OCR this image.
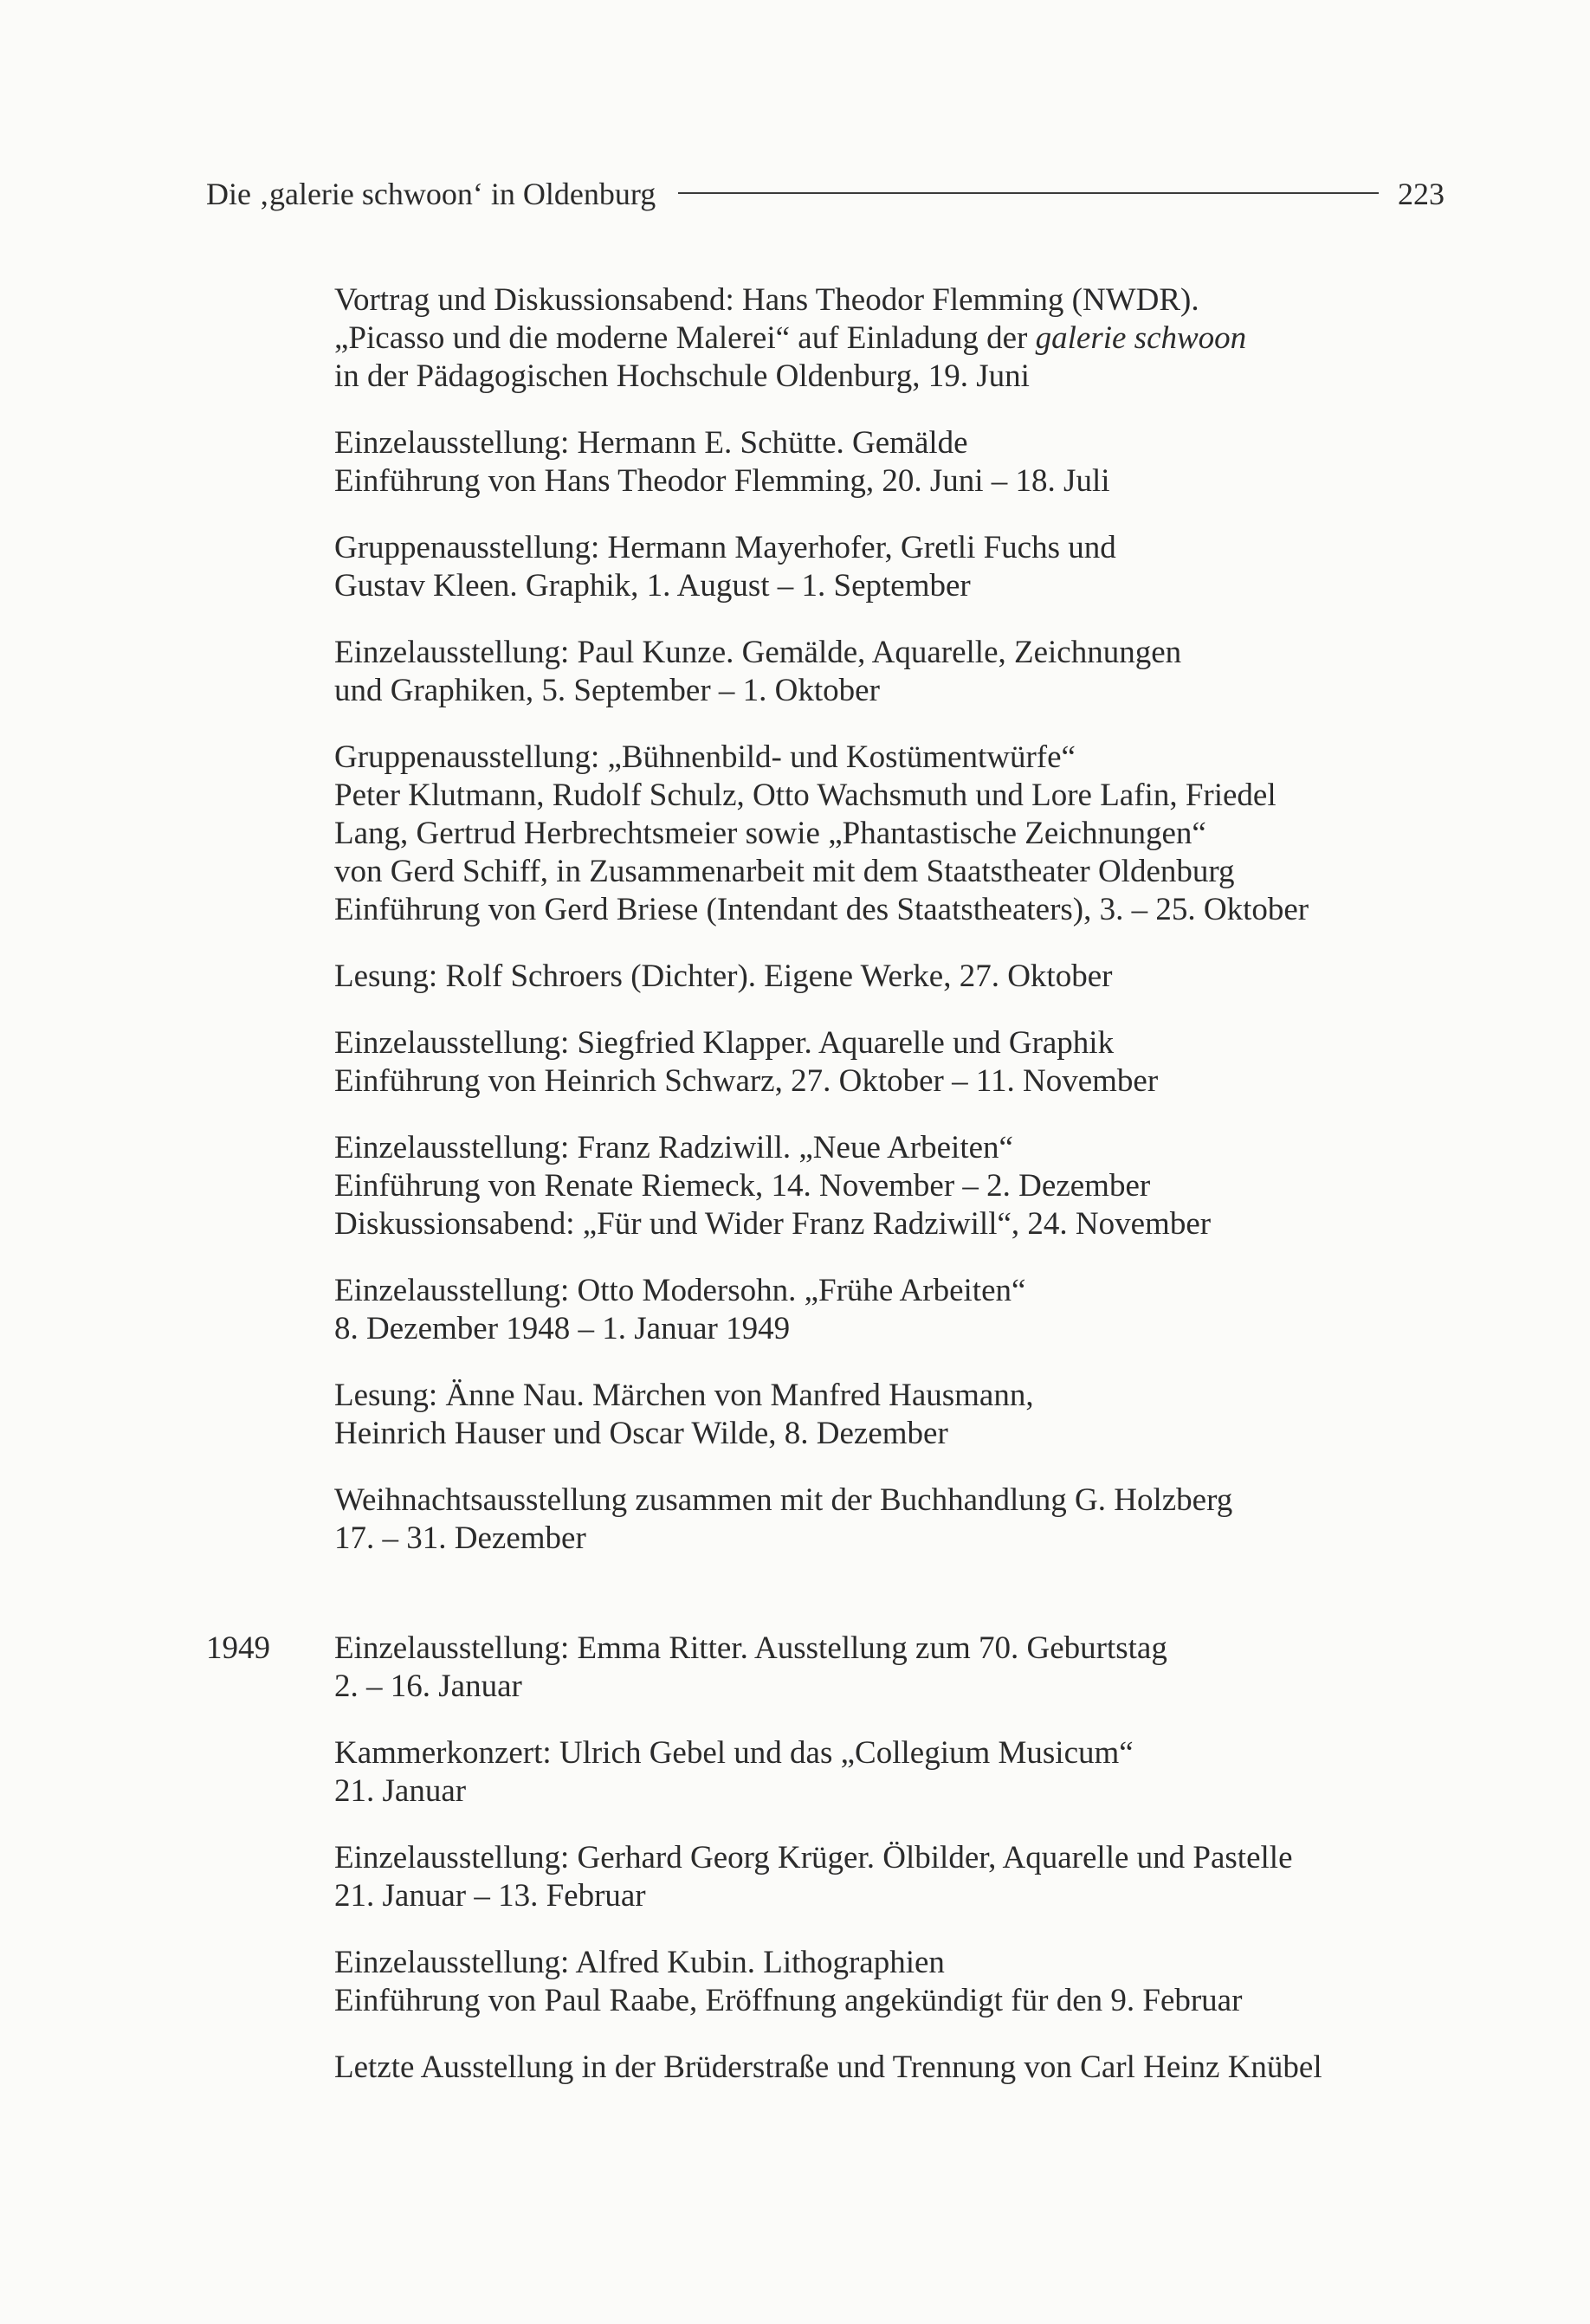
Die ‚galerie schwoon‘ in Oldenburg	223
Vortrag und Diskussionsabend: Hans Theodor Flemming (NWDR).
„Picasso und die moderne Malerei“ auf Einladung der galerie schwoon
in der Pädagogischen Hochschule Oldenburg, 19. Juni
Einzelausstellung: Hermann E. Schütte. Gemälde
Einführung von Hans Theodor Flemming, 20. Juni – 18. Juli
Gruppenausstellung: Hermann Mayerhofer, Gretli Fuchs und
Gustav Kleen. Graphik, 1. August – 1. September
Einzelausstellung: Paul Kunze. Gemälde, Aquarelle, Zeichnungen
und Graphiken, 5. September – 1. Oktober
Gruppenausstellung: „Bühnenbild- und Kostümentwürfe“
Peter Klutmann, Rudolf Schulz, Otto Wachsmuth und Lore Lafin, Friedel
Lang, Gertrud Herbrechtsmeier sowie „Phantastische Zeichnungen“
von Gerd Schiff, in Zusammenarbeit mit dem Staatstheater Oldenburg
Einführung von Gerd Briese (Intendant des Staatstheaters), 3. – 25. Oktober
Lesung: Rolf Schroers (Dichter). Eigene Werke, 27. Oktober
Einzelausstellung: Siegfried Klapper. Aquarelle und Graphik
Einführung von Heinrich Schwarz, 27. Oktober – 11. November
Einzelausstellung: Franz Radziwill. „Neue Arbeiten“
Einführung von Renate Riemeck, 14. November – 2. Dezember
Diskussionsabend: „Für und Wider Franz Radziwill“, 24. November
Einzelausstellung: Otto Modersohn. „Frühe Arbeiten“
8. Dezember 1948 – 1. Januar 1949
Lesung: Änne Nau. Märchen von Manfred Hausmann,
Heinrich Hauser und Oscar Wilde, 8. Dezember
Weihnachtsausstellung zusammen mit der Buchhandlung G. Holzberg
17. – 31. Dezember
1949 Einzelausstellung: Emma Ritter. Ausstellung zum 70. Geburtstag
2. – 16. Januar
Kammerkonzert: Ulrich Gebel und das „Collegium Musicum“
21. Januar
Einzelausstellung: Gerhard Georg Krüger. Ölbilder, Aquarelle und Pastelle
21. Januar – 13. Februar
Einzelausstellung: Alfred Kubin. Lithographien
Einführung von Paul Raabe, Eröffnung angekündigt für den 9. Februar
Letzte Ausstellung in der Brüderstraße und Trennung von Carl Heinz Knübel
